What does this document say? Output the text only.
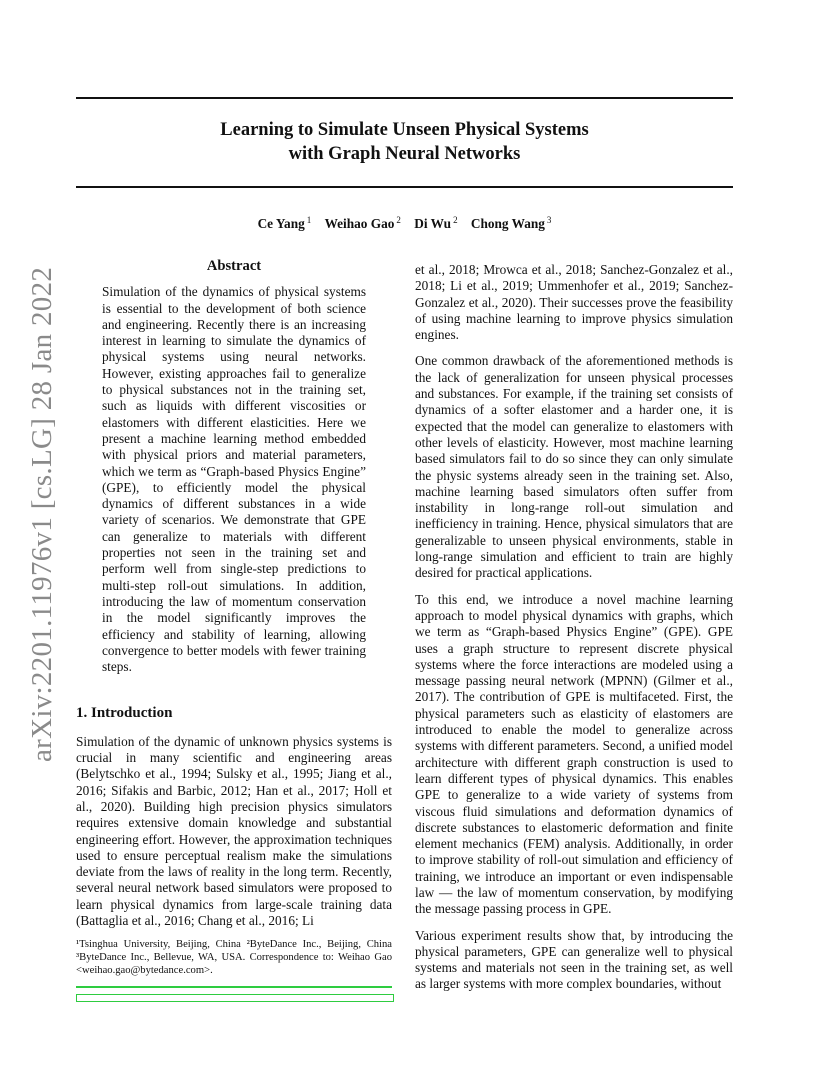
Learning to Simulate Unseen Physical Systems
with Graph Neural Networks
Ce Yang $^1$ Weihao Gao $^2$ Di Wu $^2$ Chong Wang $^3$
arXiv:2201.11976v1 [cs.LG] 28 Jan 2022
Abstract
Simulation of the dynamics of physical systems is essential to the development of both science and engineering. Recently there is an increasing interest in learning to simulate the dynamics of physical systems using neural networks. However, existing approaches fail to generalize to physical substances not in the training set, such as liquids with different viscosities or elastomers with different elasticities. Here we present a machine learning method embedded with physical priors and material parameters, which we term as “Graph-based Physics Engine” (GPE), to efficiently model the physical dynamics of different substances in a wide variety of scenarios. We demonstrate that GPE can generalize to materials with different properties not seen in the training set and perform well from single-step predictions to multi-step roll-out simulations. In addition, introducing the law of momentum conservation in the model significantly improves the efficiency and stability of learning, allowing convergence to better models with fewer training steps.
1. Introduction

Simulation of the dynamic of unknown physics systems is crucial in many scientific and engineering areas (Belytschko et al., 1994; Sulsky et al., 1995; Jiang et al., 2016; Sifakis and Barbic, 2012; Han et al., 2017; Holl et al., 2020). Building high precision physics simulators requires extensive domain knowledge and substantial engineering effort. However, the approximation techniques used to ensure perceptual realism make the simulations deviate from the laws of reality in the long term. Recently, several neural network based simulators were proposed to learn physical dynamics from large-scale training data (Battaglia et al., 2016; Chang et al., 2016; Li

¹Tsinghua University, Beijing, China ²ByteDance Inc., Beijing, China ³ByteDance Inc., Bellevue, WA, USA. Correspondence to: Weihao Gao <weihao.gao@bytedance.com>.

et al., 2018; Mrowca et al., 2018; Sanchez-Gonzalez et al., 2018; Li et al., 2019; Ummenhofer et al., 2019; Sanchez-Gonzalez et al., 2020). Their successes prove the feasibility of using machine learning to improve physics simulation engines.

One common drawback of the aforementioned methods is the lack of generalization for unseen physical processes and substances. For example, if the training set consists of dynamics of a softer elastomer and a harder one, it is expected that the model can generalize to elastomers with other levels of elasticity. However, most machine learning based simulators fail to do so since they can only simulate the physic systems already seen in the training set. Also, machine learning based simulators often suffer from instability in long-range roll-out simulation and inefficiency in training. Hence, physical simulators that are generalizable to unseen physical environments, stable in long-range simulation and efficient to train are highly desired for practical applications.

To this end, we introduce a novel machine learning approach to model physical dynamics with graphs, which we term as “Graph-based Physics Engine” (GPE). GPE uses a graph structure to represent discrete physical systems where the force interactions are modeled using a message passing neural network (MPNN) (Gilmer et al., 2017). The contribution of GPE is multifaceted. First, the physical parameters such as elasticity of elastomers are introduced to enable the model to generalize across systems with different parameters. Second, a unified model architecture with different graph construction is used to learn different types of physical dynamics. This enables GPE to generalize to a wide variety of systems from viscous fluid simulations and deformation dynamics of discrete substances to elastomeric deformation and finite element mechanics (FEM) analysis. Additionally, in order to improve stability of roll-out simulation and efficiency of training, we introduce an important or even indispensable law — the law of momentum conservation, by modifying the message passing process in GPE.

Various experiment results show that, by introducing the physical parameters, GPE can generalize well to physical systems and materials not seen in the training set, as well as larger systems with more complex boundaries, without
